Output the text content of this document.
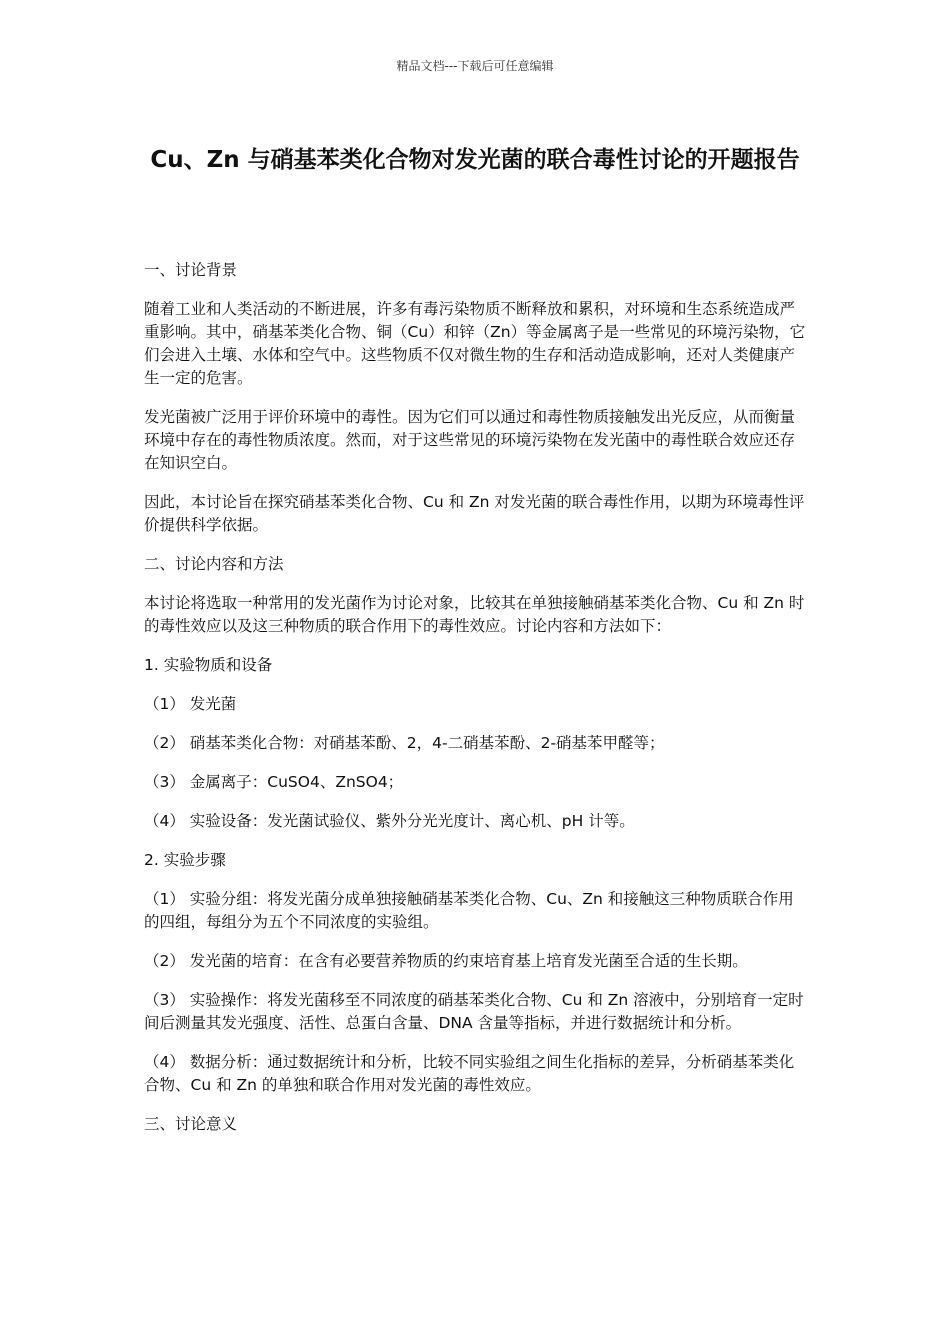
精品文档---下载后可任意编辑
Cu、Zn 与硝基苯类化合物对发光菌的联合毒性讨论的开题报告

一、讨论背景

随着工业和人类活动的不断进展，许多有毒污染物质不断释放和累积，对环境和生态系统造成严重影响。其中，硝基苯类化合物、铜（Cu）和锌（Zn）等金属离子是一些常见的环境污染物，它们会进入土壤、水体和空气中。这些物质不仅对微生物的生存和活动造成影响，还对人类健康产生一定的危害。

发光菌被广泛用于评价环境中的毒性。因为它们可以通过和毒性物质接触发出光反应，从而衡量环境中存在的毒性物质浓度。然而，对于这些常见的环境污染物在发光菌中的毒性联合效应还存在知识空白。

因此，本讨论旨在探究硝基苯类化合物、Cu 和 Zn 对发光菌的联合毒性作用，以期为环境毒性评价提供科学依据。

二、讨论内容和方法

本讨论将选取一种常用的发光菌作为讨论对象，比较其在单独接触硝基苯类化合物、Cu 和 Zn 时的毒性效应以及这三种物质的联合作用下的毒性效应。讨论内容和方法如下：

1. 实验物质和设备

（1） 发光菌

（2） 硝基苯类化合物：对硝基苯酚、2，4-二硝基苯酚、2-硝基苯甲醛等；

（3） 金属离子：CuSO4、ZnSO4；

（4） 实验设备：发光菌试验仪、紫外分光光度计、离心机、pH 计等。

2. 实验步骤

（1） 实验分组：将发光菌分成单独接触硝基苯类化合物、Cu、Zn 和接触这三种物质联合作用的四组，每组分为五个不同浓度的实验组。

（2） 发光菌的培育：在含有必要营养物质的约束培育基上培育发光菌至合适的生长期。

（3） 实验操作：将发光菌移至不同浓度的硝基苯类化合物、Cu 和 Zn 溶液中，分别培育一定时间后测量其发光强度、活性、总蛋白含量、DNA 含量等指标，并进行数据统计和分析。

（4） 数据分析：通过数据统计和分析，比较不同实验组之间生化指标的差异，分析硝基苯类化合物、Cu 和 Zn 的单独和联合作用对发光菌的毒性效应。

三、讨论意义
